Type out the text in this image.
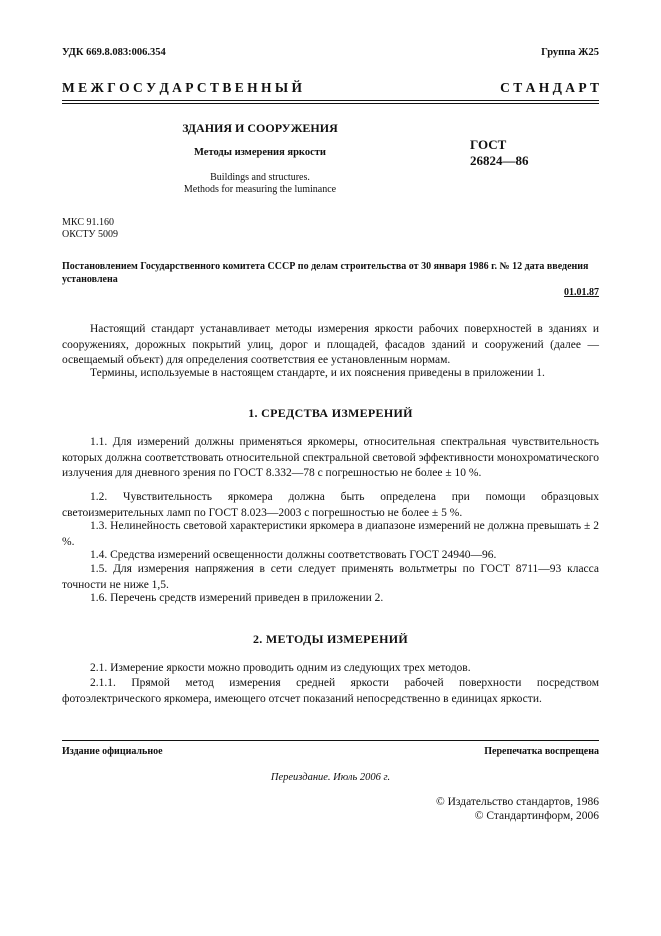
УДК 669.8.083:006.354	Группа Ж25
М Е Ж Г О С У Д А Р С Т В Е Н Н Ы Й	С Т А Н Д А Р Т
ЗДАНИЯ И СООРУЖЕНИЯ
Методы измерения яркости
Buildings and structures.
Methods for measuring the luminance
ГОСТ
26824—86
МКС 91.160
ОКСТУ 5009
Постановлением Государственного комитета СССР по делам строительства от 30 января 1986 г. № 12 дата введения установлена
01.01.87
Настоящий стандарт устанавливает методы измерения яркости рабочих поверхностей в зданиях и сооружениях, дорожных покрытий улиц, дорог и площадей, фасадов зданий и сооружений (далее — освещаемый объект) для определения соответствия ее установленным нормам.
Термины, используемые в настоящем стандарте, и их пояснения приведены в приложении 1.
1. СРЕДСТВА ИЗМЕРЕНИЙ
1.1. Для измерений должны применяться яркомеры, относительная спектральная чувствительность которых должна соответствовать относительной спектральной световой эффективности монохроматического излучения для дневного зрения по ГОСТ 8.332—78 с погрешностью не более ± 10 %.
1.2. Чувствительность яркомера должна быть определена при помощи образцовых светоизмерительных ламп по ГОСТ 8.023—2003 с погрешностью не более ± 5 %.
1.3. Нелинейность световой характеристики яркомера в диапазоне измерений не должна превышать ± 2 %.
1.4. Средства измерений освещенности должны соответствовать ГОСТ 24940—96.
1.5. Для измерения напряжения в сети следует применять вольтметры по ГОСТ 8711—93 класса точности не ниже 1,5.
1.6. Перечень средств измерений приведен в приложении 2.
2. МЕТОДЫ ИЗМЕРЕНИЙ
2.1. Измерение яркости можно проводить одним из следующих трех методов.
2.1.1. Прямой метод измерения средней яркости рабочей поверхности посредством фотоэлектрического яркомера, имеющего отсчет показаний непосредственно в единицах яркости.
Издание официальное	Перепечатка воспрещена
Переиздание. Июль 2006 г.
© Издательство стандартов, 1986
© Стандартинформ, 2006
